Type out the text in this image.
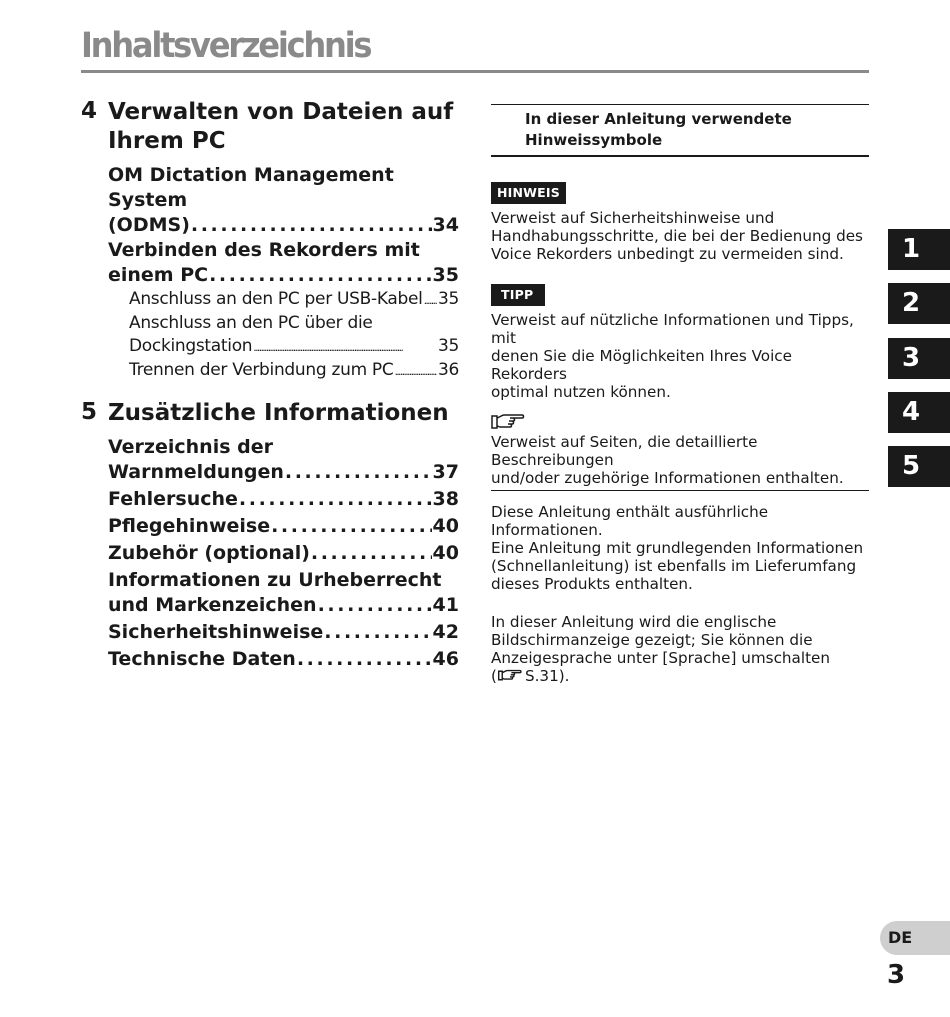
Inhaltsverzeichnis
4 Verwalten von Dateien auf
Ihrem PC
OM Dictation Management System
(ODMS) . . .	34
Verbinden des Rekorders mit
einem PC . . .	35
Anschluss an den PC per USB-Kabel . . . 35
Anschluss an den PC über die
Dockingstation . . .	35
Trennen der Verbindung zum PC . . .	36
5 Zusätzliche Informationen
Verzeichnis der
Warnmeldungen . . .	37
Fehlersuche . . .	38
Pflegehinweise . . .	40
Zubehör (optional) . . .	40
Informationen zu Urheberrecht
und Markenzeichen . . .	41
Sicherheitshinweise . . .	42
Technische Daten . . .	46
In dieser Anleitung verwendete
Hinweissymbole
HINWEIS
Verweist auf Sicherheitshinweise und
Handhabungsschritte, die bei der Bedienung des
Voice Rekorders unbedingt zu vermeiden sind.
TIPP
Verweist auf nützliche Informationen und Tipps, mit
denen Sie die Möglichkeiten Ihres Voice Rekorders
optimal nutzen können.
Verweist auf Seiten, die detaillierte Beschreibungen
und/oder zugehörige Informationen enthalten.
Diese Anleitung enthält ausführliche Informationen.
Eine Anleitung mit grundlegenden Informationen
(Schnellanleitung) ist ebenfalls im Lieferumfang
dieses Produkts enthalten.
In dieser Anleitung wird die englische
Bildschirmanzeige gezeigt; Sie können die
Anzeigesprache unter [Sprache] umschalten
( S.31).
1
2
3
4
5
DE
3
